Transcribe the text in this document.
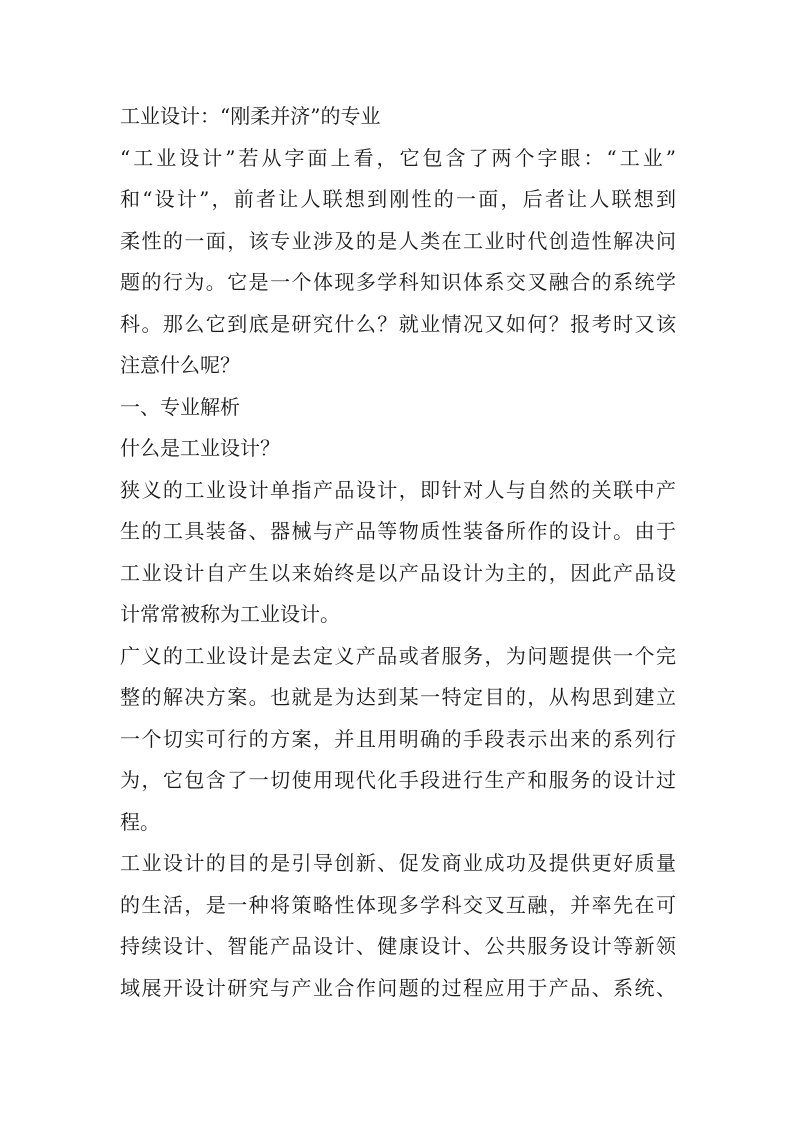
工业设计：“刚柔并济”的专业

“工业设计”若从字面上看，它包含了两个字眼：“工业”

和“设计”，前者让人联想到刚性的一面，后者让人联想到

柔性的一面，该专业涉及的是人类在工业时代创造性解决问

题的行为。它是一个体现多学科知识体系交叉融合的系统学

科。那么它到底是研究什么？就业情况又如何？报考时又该

注意什么呢？

一、专业解析

什么是工业设计？

狭义的工业设计单指产品设计，即针对人与自然的关联中产

生的工具装备、器械与产品等物质性装备所作的设计。由于

工业设计自产生以来始终是以产品设计为主的，因此产品设

计常常被称为工业设计。

广义的工业设计是去定义产品或者服务，为问题提供一个完

整的解决方案。也就是为达到某一特定目的，从构思到建立

一个切实可行的方案，并且用明确的手段表示出来的系列行

为，它包含了一切使用现代化手段进行生产和服务的设计过

程。

工业设计的目的是引导创新、促发商业成功及提供更好质量

的生活，是一种将策略性体现多学科交叉互融，并率先在可

持续设计、智能产品设计、健康设计、公共服务设计等新领

域展开设计研究与产业合作问题的过程应用于产品、系统、
